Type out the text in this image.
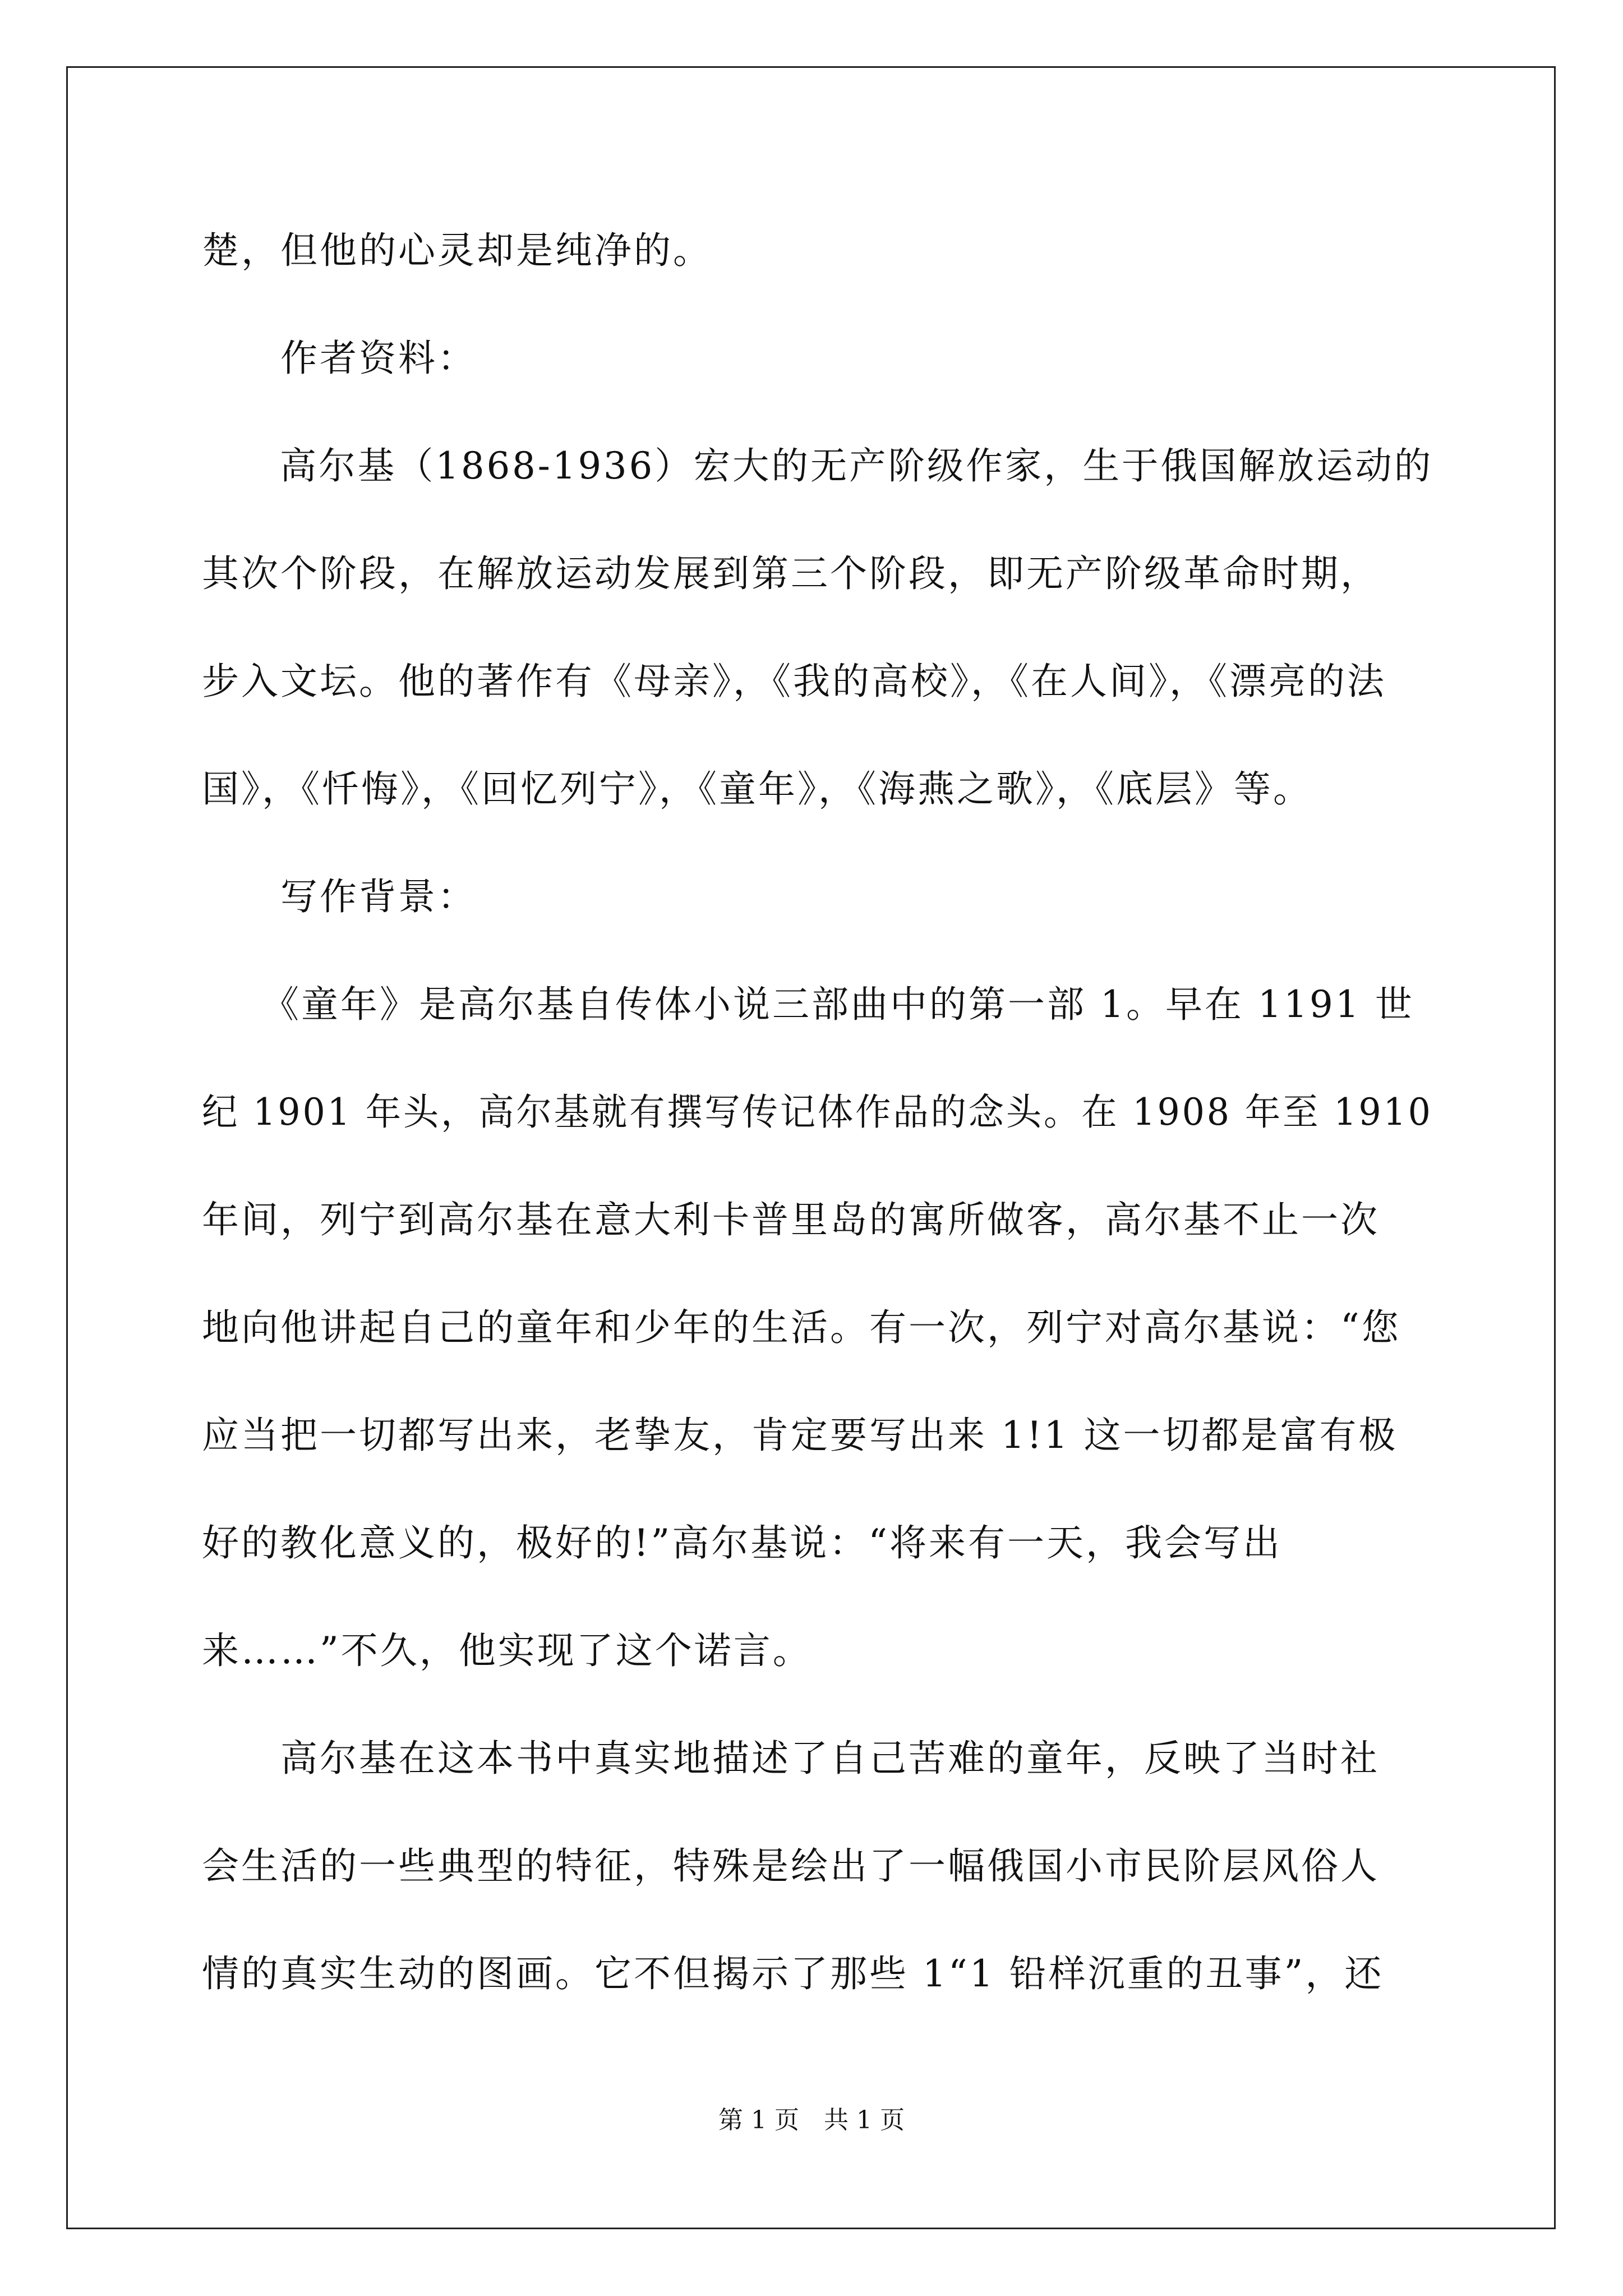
楚，但他的心灵却是纯净的。
　　作者资料：
　　高尔基（1868-1936）宏大的无产阶级作家，生于俄国解放运动的
其次个阶段，在解放运动发展到第三个阶段，即无产阶级革命时期，
步入文坛。他的著作有《母亲》，《我的高校》，《在人间》，《漂亮的法
国》，《忏悔》，《回忆列宁》，《童年》，《海燕之歌》，《底层》等。
　　写作背景：
　　《童年》是高尔基自传体小说三部曲中的第一部 1。早在 1191 世
纪 1901 年头，高尔基就有撰写传记体作品的念头。在 1908 年至 1910
年间，列宁到高尔基在意大利卡普里岛的寓所做客，高尔基不止一次
地向他讲起自己的童年和少年的生活。有一次，列宁对高尔基说：“您
应当把一切都写出来，老挚友，肯定要写出来 1!1 这一切都是富有极
好的教化意义的，极好的!”高尔基说：“将来有一天，我会写出
来……”不久，他实现了这个诺言。
　　高尔基在这本书中真实地描述了自己苦难的童年，反映了当时社
会生活的一些典型的特征，特殊是绘出了一幅俄国小市民阶层风俗人
情的真实生动的图画。它不但揭示了那些 1“1 铅样沉重的丑事”，还
第 1 页　共 1 页
